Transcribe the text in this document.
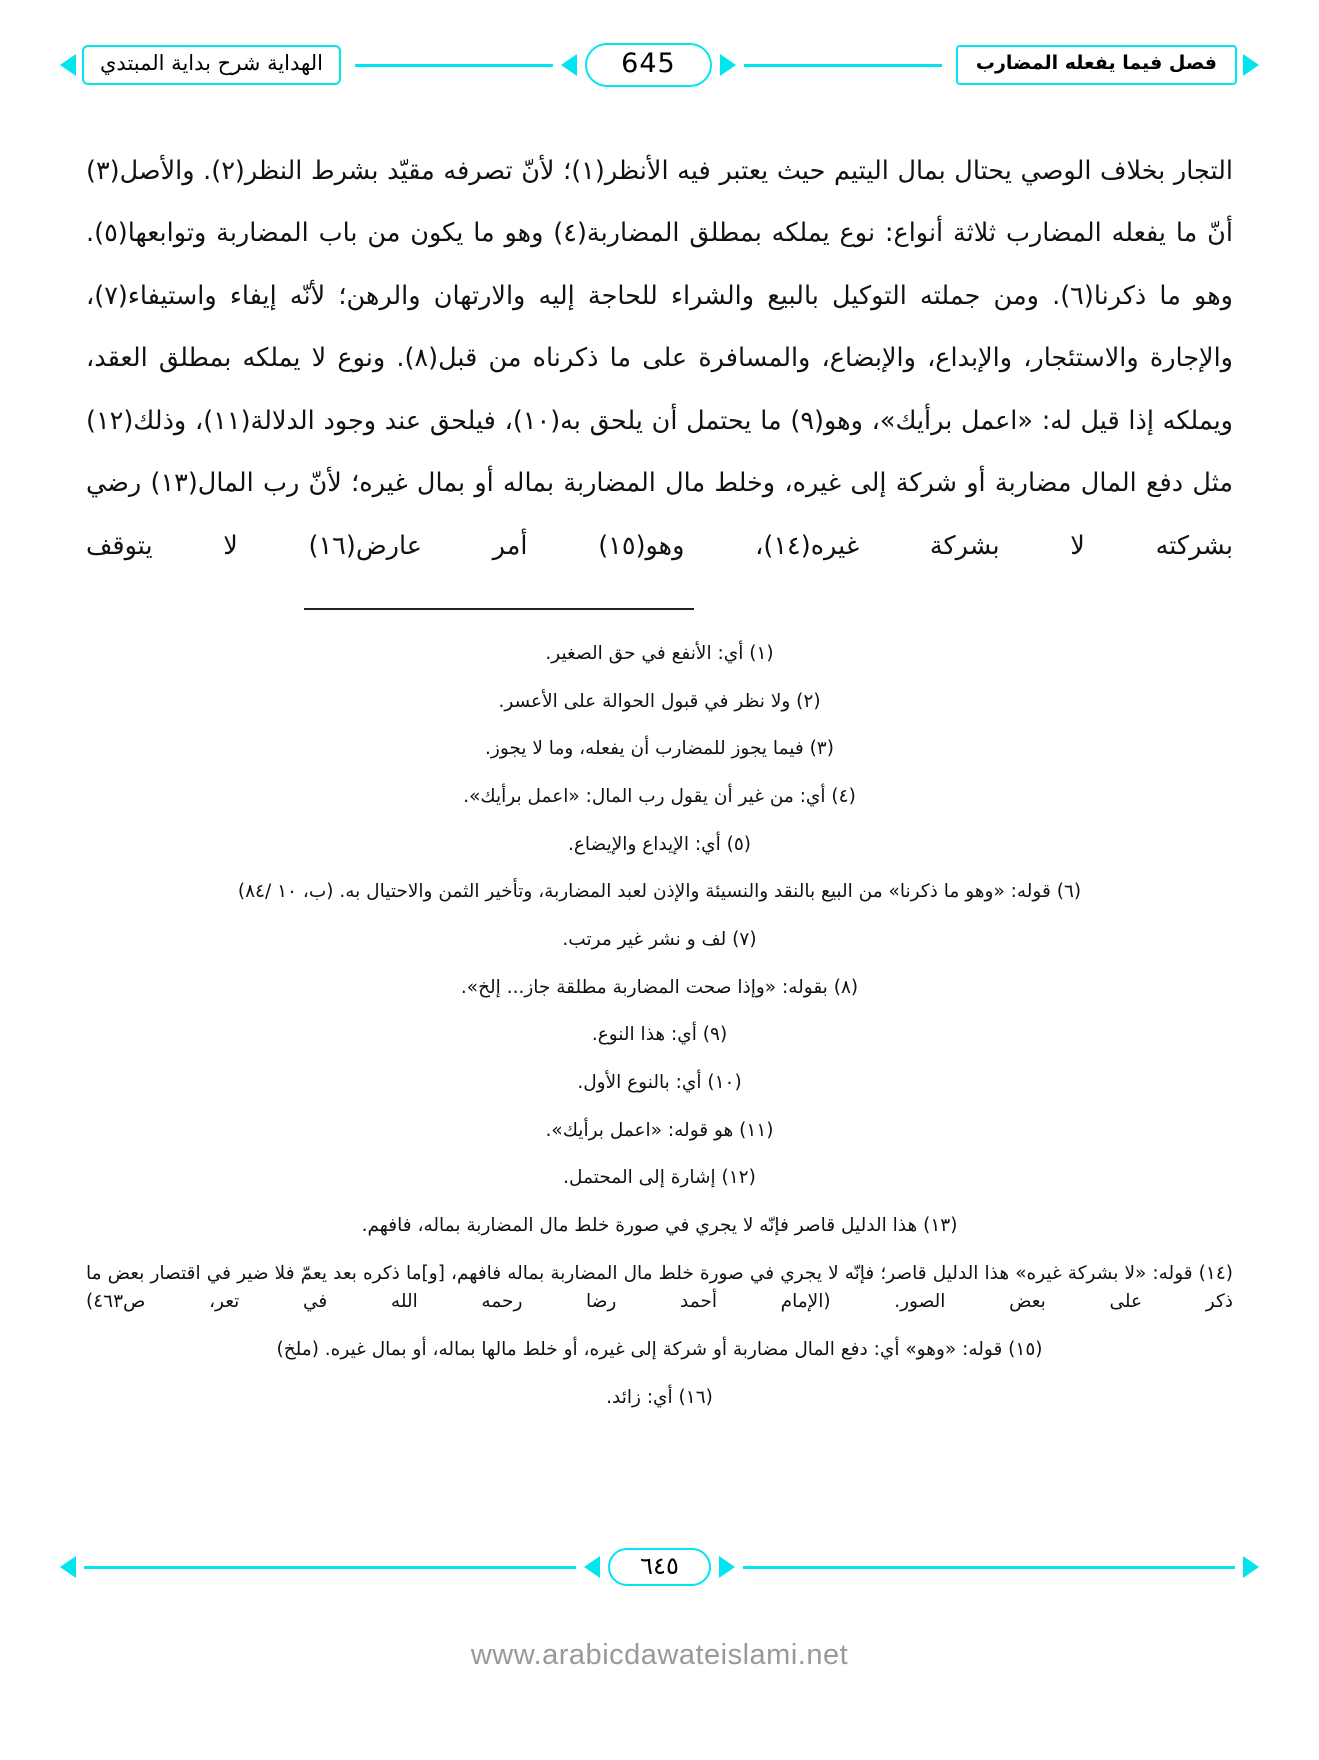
فصل فيما يفعله المضارب
645
الهداية شرح بداية المبتدي

التجار بخلاف الوصي يحتال بمال اليتيم حيث يعتبر فيه الأنظر(١)؛ لأنّ تصرفه مقيّد بشرط النظر(٢). والأصل(٣) أنّ ما يفعله المضارب ثلاثة أنواع: نوع يملكه بمطلق المضاربة(٤) وهو ما يكون من باب المضاربة وتوابعها(٥). وهو ما ذكرنا(٦). ومن جملته التوكيل بالبيع والشراء للحاجة إليه والارتهان والرهن؛ لأنّه إيفاء واستيفاء(٧)، والإجارة والاستئجار، والإبداع، والإبضاع، والمسافرة على ما ذكرناه من قبل(٨). ونوع لا يملكه بمطلق العقد، ويملكه إذا قيل له: «اعمل برأيك»، وهو(٩) ما يحتمل أن يلحق به(١٠)، فيلحق عند وجود الدلالة(١١)، وذلك(١٢) مثل دفع المال مضاربة أو شركة إلى غيره، وخلط مال المضاربة بماله أو بمال غيره؛ لأنّ رب المال(١٣) رضي بشركته لا بشركة غيره(١٤)، وهو(١٥) أمر عارض(١٦) لا يتوقف

(١) أي: الأنفع في حق الصغير.

(٢) ولا نظر في قبول الحوالة على الأعسر.

(٣) فيما يجوز للمضارب أن يفعله، وما لا يجوز.

(٤) أي: من غير أن يقول رب المال: «اعمل برأيك».

(٥) أي: الإيداع والإيضاع.

(٦) قوله: «وهو ما ذكرنا» من البيع بالنقد والنسيئة والإذن لعبد المضاربة، وتأخير الثمن والاحتيال به. (ب، ١٠ /٨٤)

(٧) لف و نشر غير مرتب.

(٨) بقوله: «وإذا صحت المضاربة مطلقة جاز... إلخ».

(٩) أي: هذا النوع.

(١٠) أي: بالنوع الأول.

(١١) هو قوله: «اعمل برأيك».

(١٢) إشارة إلى المحتمل.

(١٣) هذا الدليل قاصر فإنّه لا يجري في صورة خلط مال المضاربة بماله، فافهم.

(١٤) قوله: «لا بشركة غيره» هذا الدليل قاصر؛ فإنّه لا يجري في صورة خلط مال المضاربة بماله فافهم، [و]ما ذكره بعد يعمّ فلا ضير في اقتصار بعض ما ذكر على بعض الصور. (الإمام أحمد رضا رحمه الله في تعر، ص٤٦٣)

(١٥) قوله: «وهو» أي: دفع المال مضاربة أو شركة إلى غيره، أو خلط مالها بماله، أو بمال غيره. (ملخ)

(١٦) أي: زائد.

٦٤٥
www.arabicdawateislami.net
